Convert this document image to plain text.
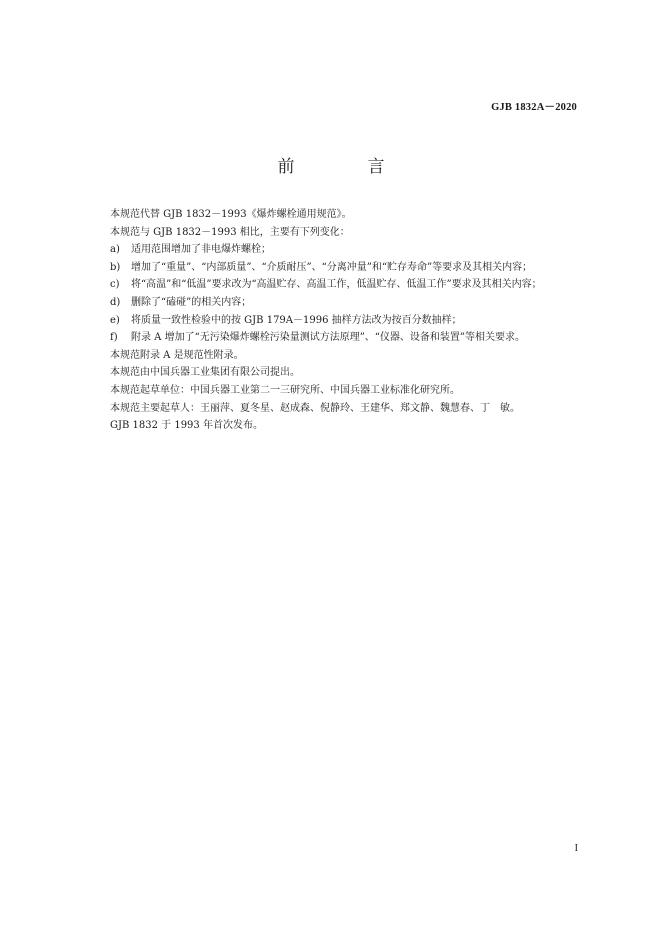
GJB 1832A－2020
前　言
本规范代替 GJB 1832－1993《爆炸螺栓通用规范》。
本规范与 GJB 1832－1993 相比，主要有下列变化：
a)	适用范围增加了非电爆炸螺栓；
b)	增加了“重量”、“内部质量”、“介质耐压”、“分离冲量”和“贮存寿命”等要求及其相关内容；
c)	将“高温”和“低温”要求改为“高温贮存、高温工作，低温贮存、低温工作”要求及其相关内容；
d)	删除了“磕碰”的相关内容；
e)	将质量一致性检验中的按 GJB 179A－1996 抽样方法改为按百分数抽样；
f)	附录 A 增加了“无污染爆炸螺栓污染量测试方法原理”、“仪器、设备和装置”等相关要求。
本规范附录 A 是规范性附录。
本规范由中国兵器工业集团有限公司提出。
本规范起草单位：中国兵器工业第二一三研究所、中国兵器工业标准化研究所。
本规范主要起草人：王丽萍、夏冬星、赵成森、倪静玲、王建华、郑文静、魏慧春、丁　敏。
GJB 1832 于 1993 年首次发布。
I
